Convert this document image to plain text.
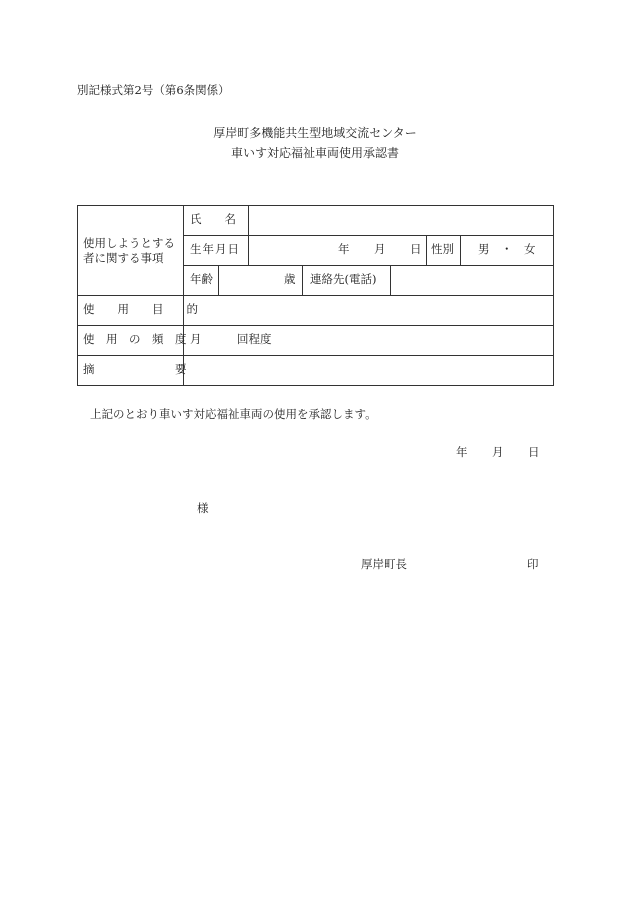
別記様式第2号（第6条関係）
厚岸町多機能共生型地域交流センター
車いす対応福祉車両使用承認書
使用しようとする
者に関する事項
氏　　名
生年月日	年 月 日 性別 男　・　女
年齢	歳 連絡先(電話)
使　　用　　目　　的
使　用　の　頻　度 月	回程度
摘　　　　　　　要
上記のとおり車いす対応福祉車両の使用を承認します。
年 月 日
様
厚岸町長	印
